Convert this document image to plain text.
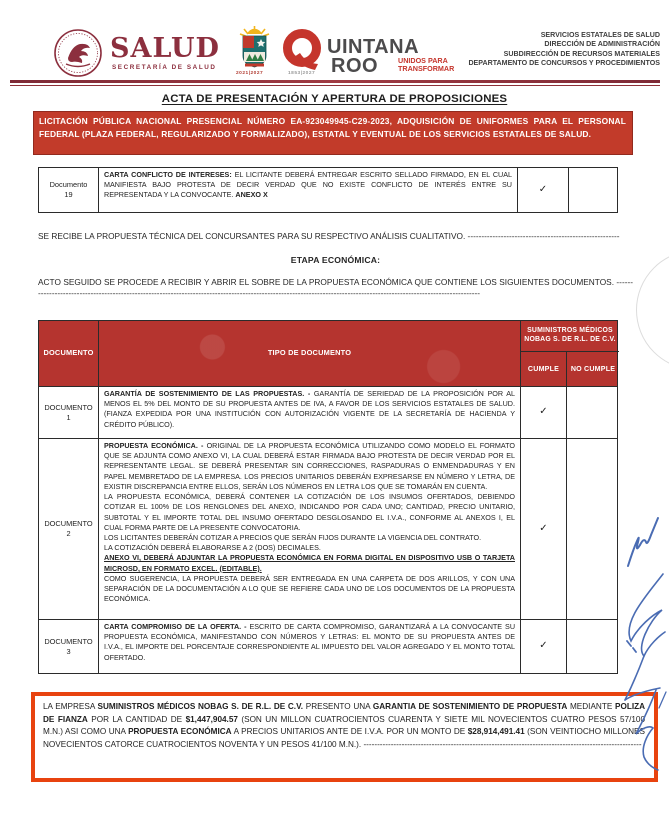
SALUD
SECRETARÍA DE SALUD
2021|2027
UINTANA
ROO
1853|2027
UNIDOS PARA
TRANSFORMAR
SERVICIOS ESTATALES DE SALUD
DIRECCIÓN DE ADMINISTRACIÓN
SUBDIRECCIÓN DE RECURSOS MATERIALES
DEPARTAMENTO DE CONCURSOS Y PROCEDIMIENTOS
ACTA DE PRESENTACIÓN Y APERTURA DE PROPOSICIONES
LICITACIÓN PÚBLICA NACIONAL PRESENCIAL NÚMERO EA-923049945-C29-2023, ADQUISICIÓN DE UNIFORMES PARA EL PERSONAL FEDERAL (PLAZA FEDERAL, REGULARIZADO Y FORMALIZADO), ESTATAL Y EVENTUAL DE LOS SERVICIOS ESTATALES DE SALUD.
Documento
19
CARTA CONFLICTO DE INTERESES: EL LICITANTE DEBERÁ ENTREGAR ESCRITO SELLADO FIRMADO, EN EL CUAL MANIFIESTA BAJO PROTESTA DE DECIR VERDAD QUE NO EXISTE CONFLICTO DE INTERÉS ENTRE SU REPRESENTADA Y LA CONVOCANTE. ANEXO X
✓
SE RECIBE LA PROPUESTA TÉCNICA DEL CONCURSANTES PARA SU RESPECTIVO ANÁLISIS CUALITATIVO. -------------------------------------------------------
ETAPA ECONÓMICA:
ACTO SEGUIDO SE PROCEDE A RECIBIR Y ABRIR EL SOBRE DE LA PROPUESTA ECONÓMICA QUE CONTIENE LOS SIGUIENTES DOCUMENTOS. ----------------------------------------------------------------------------------------------------------------------------------------------------------------------
DOCUMENTO	TIPO DE DOCUMENTO
SUMINISTROS MÉDICOS NOBAG S. DE R.L. DE C.V.
CUMPLE	NO CUMPLE
DOCUMENTO
1
GARANTÍA DE SOSTENIMIENTO DE LAS PROPUESTAS. - GARANTÍA DE SERIEDAD DE LA PROPOSICIÓN POR AL MENOS EL 5% DEL MONTO DE SU PROPUESTA ANTES DE IVA, A FAVOR DE LOS SERVICIOS ESTATALES DE SALUD. (FIANZA EXPEDIDA POR UNA INSTITUCIÓN CON AUTORIZACIÓN VIGENTE DE LA SECRETARÍA DE HACIENDA Y CRÉDITO PÚBLICO).
✓
DOCUMENTO
2
PROPUESTA ECONÓMICA. - ORIGINAL DE LA PROPUESTA ECONÓMICA UTILIZANDO COMO MODELO EL FORMATO QUE SE ADJUNTA COMO ANEXO VI, LA CUAL DEBERÁ ESTAR FIRMADA BAJO PROTESTA DE DECIR VERDAD POR EL REPRESENTANTE LEGAL. SE DEBERÁ PRESENTAR SIN CORRECCIONES, RASPADURAS O ENMENDADURAS Y EN PAPEL MEMBRETADO DE LA EMPRESA. LOS PRECIOS UNITARIOS DEBERÁN EXPRESARSE EN NÚMERO Y LETRA, DE EXISTIR DISCREPANCIA ENTRE ELLOS, SERÁN LOS NÚMEROS EN LETRA LOS QUE SE TOMARÁN EN CUENTA.
LA PROPUESTA ECONÓMICA, DEBERÁ CONTENER LA COTIZACIÓN DE LOS INSUMOS OFERTADOS, DEBIENDO COTIZAR EL 100% DE LOS RENGLONES DEL ANEXO, INDICANDO POR CADA UNO; CANTIDAD, PRECIO UNITARIO, SUBTOTAL Y EL IMPORTE TOTAL DEL INSUMO OFERTADO DESGLOSANDO EL I.V.A., CONFORME AL ANEXOS I, EL CUAL FORMA PARTE DE LA PRESENTE CONVOCATORIA.
LOS LICITANTES DEBERÁN COTIZAR A PRECIOS QUE SERÁN FIJOS DURANTE LA VIGENCIA DEL CONTRATO.
LA COTIZACIÓN DEBERÁ ELABORARSE A 2 (DOS) DECIMALES.
ANEXO VI, DEBERÁ ADJUNTAR LA PROPUESTA ECONÓMICA EN FORMA DIGITAL EN DISPOSITIVO USB O TARJETA MICROSD, EN FORMATO EXCEL. (EDITABLE).
COMO SUGERENCIA, LA PROPUESTA DEBERÁ SER ENTREGADA EN UNA CARPETA DE DOS ARILLOS, Y CON UNA SEPARACIÓN DE LA DOCUMENTACIÓN A LO QUE SE REFIERE CADA UNO DE LOS DOCUMENTOS DE LA PROPUESTA ECONÓMICA.
✓
DOCUMENTO
3
CARTA COMPROMISO DE LA OFERTA. - ESCRITO DE CARTA COMPROMISO, GARANTIZARÁ A LA CONVOCANTE SU PROPUESTA ECONÓMICA, MANIFESTANDO CON NÚMEROS Y LETRAS: EL MONTO DE SU PROPUESTA ANTES DE I.V.A., EL IMPORTE DEL PORCENTAJE CORRESPONDIENTE AL IMPUESTO DEL VALOR AGREGADO Y EL MONTO TOTAL OFERTADO.
✓
LA EMPRESA SUMINISTROS MÉDICOS NOBAG S. DE R.L. DE C.V. PRESENTO UNA GARANTIA DE SOSTENIMIENTO DE PROPUESTA MEDIANTE POLIZA DE FIANZA POR LA CANTIDAD DE $1,447,904.57 (SON UN MILLON CUATROCIENTOS CUARENTA Y SIETE MIL NOVECIENTOS CUATRO PESOS 57/100 M.N.) ASI COMO UNA PROPUESTA ECONÓMICA A PRECIOS UNITARIOS ANTE DE I.V.A. POR UN MONTO DE $28,914,491.41 (SON VEINTIOCHO MILLONES NOVECIENTOS CATORCE CUATROCIENTOS NOVENTA Y UN PESOS 41/100 M.N.). ------------------------------------------------------------------------------------------------------
